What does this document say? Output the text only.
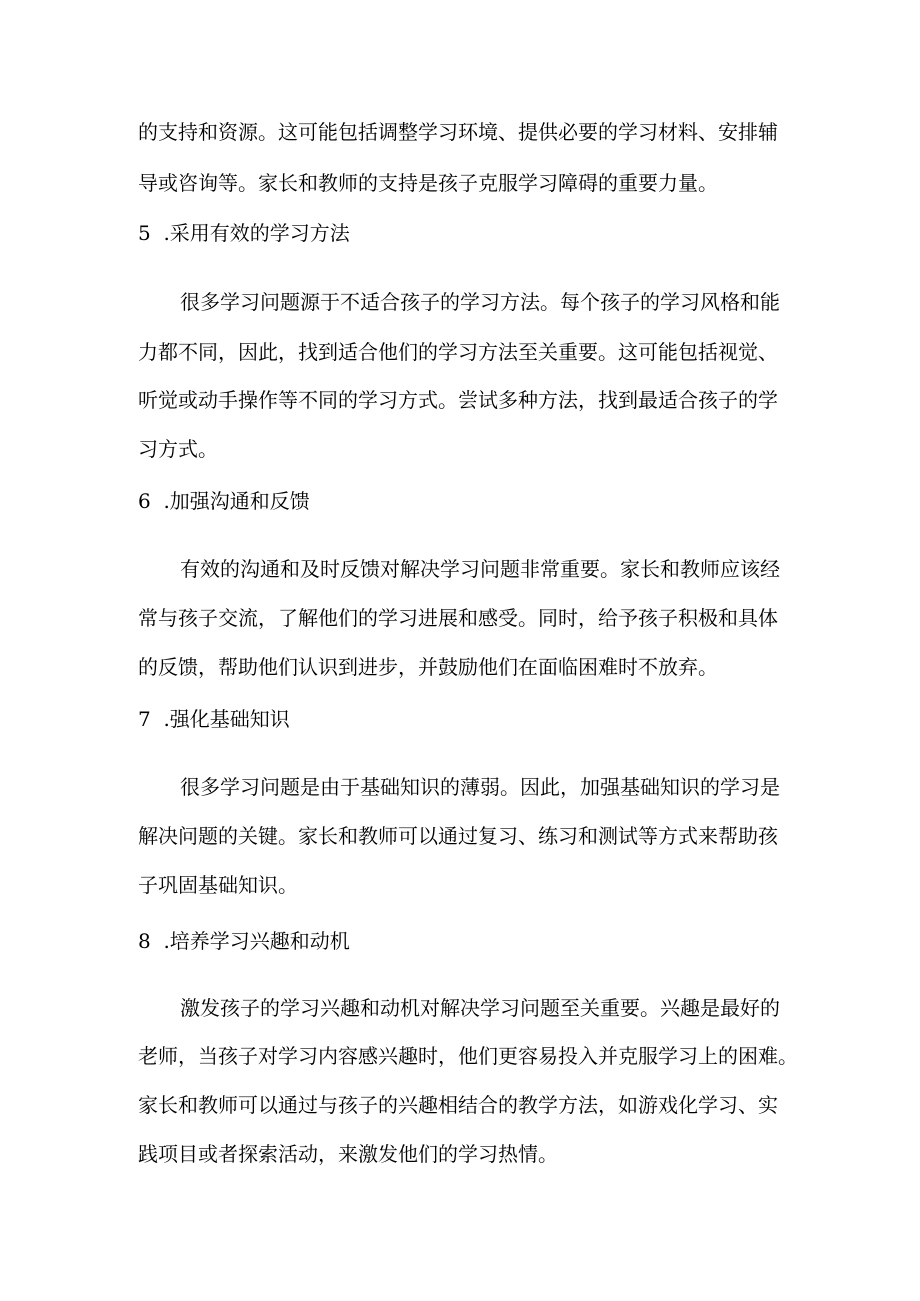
的支持和资源。这可能包括调整学习环境、提供必要的学习材料、安排辅

导或咨询等。家长和教师的支持是孩子克服学习障碍的重要力量。

5 .采用有效的学习方法

很多学习问题源于不适合孩子的学习方法。每个孩子的学习风格和能

力都不同，因此，找到适合他们的学习方法至关重要。这可能包括视觉、

听觉或动手操作等不同的学习方式。尝试多种方法，找到最适合孩子的学

习方式。

6 .加强沟通和反馈

有效的沟通和及时反馈对解决学习问题非常重要。家长和教师应该经

常与孩子交流，了解他们的学习进展和感受。同时，给予孩子积极和具体

的反馈，帮助他们认识到进步，并鼓励他们在面临困难时不放弃。

7 .强化基础知识

很多学习问题是由于基础知识的薄弱。因此，加强基础知识的学习是

解决问题的关键。家长和教师可以通过复习、练习和测试等方式来帮助孩

子巩固基础知识。

8 .培养学习兴趣和动机

激发孩子的学习兴趣和动机对解决学习问题至关重要。兴趣是最好的

老师，当孩子对学习内容感兴趣时，他们更容易投入并克服学习上的困难。

家长和教师可以通过与孩子的兴趣相结合的教学方法，如游戏化学习、实

践项目或者探索活动，来激发他们的学习热情。
